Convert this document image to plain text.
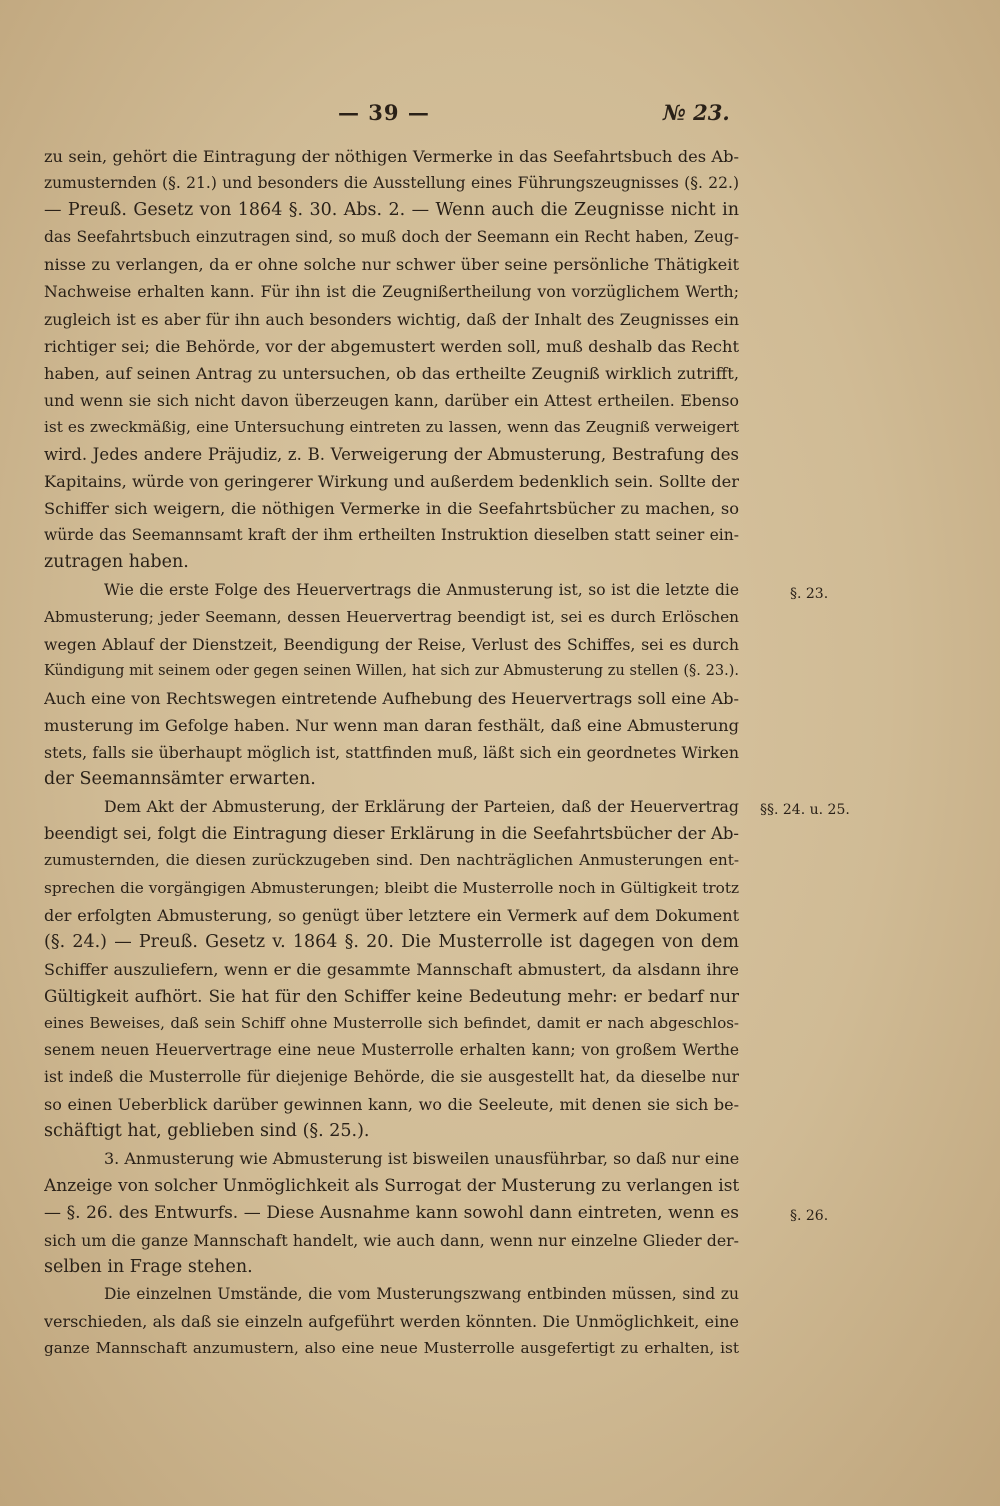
— 39 —	№ 23.
zu sein, gehört die Eintragung der nöthigen Vermerke in das Seefahrtsbuch des Ab-
zumusternden (§. 21.) und besonders die Ausstellung eines Führungszeugnisses (§. 22.)
— Preuß. Gesetz von 1864 §. 30. Abs. 2. — Wenn auch die Zeugnisse nicht in
das Seefahrtsbuch einzutragen sind, so muß doch der Seemann ein Recht haben, Zeug-
nisse zu verlangen, da er ohne solche nur schwer über seine persönliche Thätigkeit
Nachweise erhalten kann. Für ihn ist die Zeugnißertheilung von vorzüglichem Werth;
zugleich ist es aber für ihn auch besonders wichtig, daß der Inhalt des Zeugnisses ein
richtiger sei; die Behörde, vor der abgemustert werden soll, muß deshalb das Recht
haben, auf seinen Antrag zu untersuchen, ob das ertheilte Zeugniß wirklich zutrifft,
und wenn sie sich nicht davon überzeugen kann, darüber ein Attest ertheilen. Ebenso
ist es zweckmäßig, eine Untersuchung eintreten zu lassen, wenn das Zeugniß verweigert
wird. Jedes andere Präjudiz, z. B. Verweigerung der Abmusterung, Bestrafung des
Kapitains, würde von geringerer Wirkung und außerdem bedenklich sein. Sollte der
Schiffer sich weigern, die nöthigen Vermerke in die Seefahrtsbücher zu machen, so
würde das Seemannsamt kraft der ihm ertheilten Instruktion dieselben statt seiner ein-
zutragen haben.
Wie die erste Folge des Heuervertrags die Anmusterung ist, so ist die letzte die
Abmusterung; jeder Seemann, dessen Heuervertrag beendigt ist, sei es durch Erlöschen
wegen Ablauf der Dienstzeit, Beendigung der Reise, Verlust des Schiffes, sei es durch
Kündigung mit seinem oder gegen seinen Willen, hat sich zur Abmusterung zu stellen (§. 23.).
Auch eine von Rechtswegen eintretende Aufhebung des Heuervertrags soll eine Ab-
musterung im Gefolge haben. Nur wenn man daran festhält, daß eine Abmusterung
stets, falls sie überhaupt möglich ist, stattfinden muß, läßt sich ein geordnetes Wirken
der Seemannsämter erwarten.
Dem Akt der Abmusterung, der Erklärung der Parteien, daß der Heuervertrag
beendigt sei, folgt die Eintragung dieser Erklärung in die Seefahrtsbücher der Ab-
zumusternden, die diesen zurückzugeben sind. Den nachträglichen Anmusterungen ent-
sprechen die vorgängigen Abmusterungen; bleibt die Musterrolle noch in Gültigkeit trotz
der erfolgten Abmusterung, so genügt über letztere ein Vermerk auf dem Dokument
(§. 24.) — Preuß. Gesetz v. 1864 §. 20. Die Musterrolle ist dagegen von dem
Schiffer auszuliefern, wenn er die gesammte Mannschaft abmustert, da alsdann ihre
Gültigkeit aufhört. Sie hat für den Schiffer keine Bedeutung mehr: er bedarf nur
eines Beweises, daß sein Schiff ohne Musterrolle sich befindet, damit er nach abgeschlos-
senem neuen Heuervertrage eine neue Musterrolle erhalten kann; von großem Werthe
ist indeß die Musterrolle für diejenige Behörde, die sie ausgestellt hat, da dieselbe nur
so einen Ueberblick darüber gewinnen kann, wo die Seeleute, mit denen sie sich be-
schäftigt hat, geblieben sind (§. 25.).
3. Anmusterung wie Abmusterung ist bisweilen unausführbar, so daß nur eine
Anzeige von solcher Unmöglichkeit als Surrogat der Musterung zu verlangen ist
— §. 26. des Entwurfs. — Diese Ausnahme kann sowohl dann eintreten, wenn es
sich um die ganze Mannschaft handelt, wie auch dann, wenn nur einzelne Glieder der-
selben in Frage stehen.
Die einzelnen Umstände, die vom Musterungszwang entbinden müssen, sind zu
verschieden, als daß sie einzeln aufgeführt werden könnten. Die Unmöglichkeit, eine
ganze Mannschaft anzumustern, also eine neue Musterrolle ausgefertigt zu erhalten, ist
§. 23.
§§. 24. u. 25.
§. 26.
